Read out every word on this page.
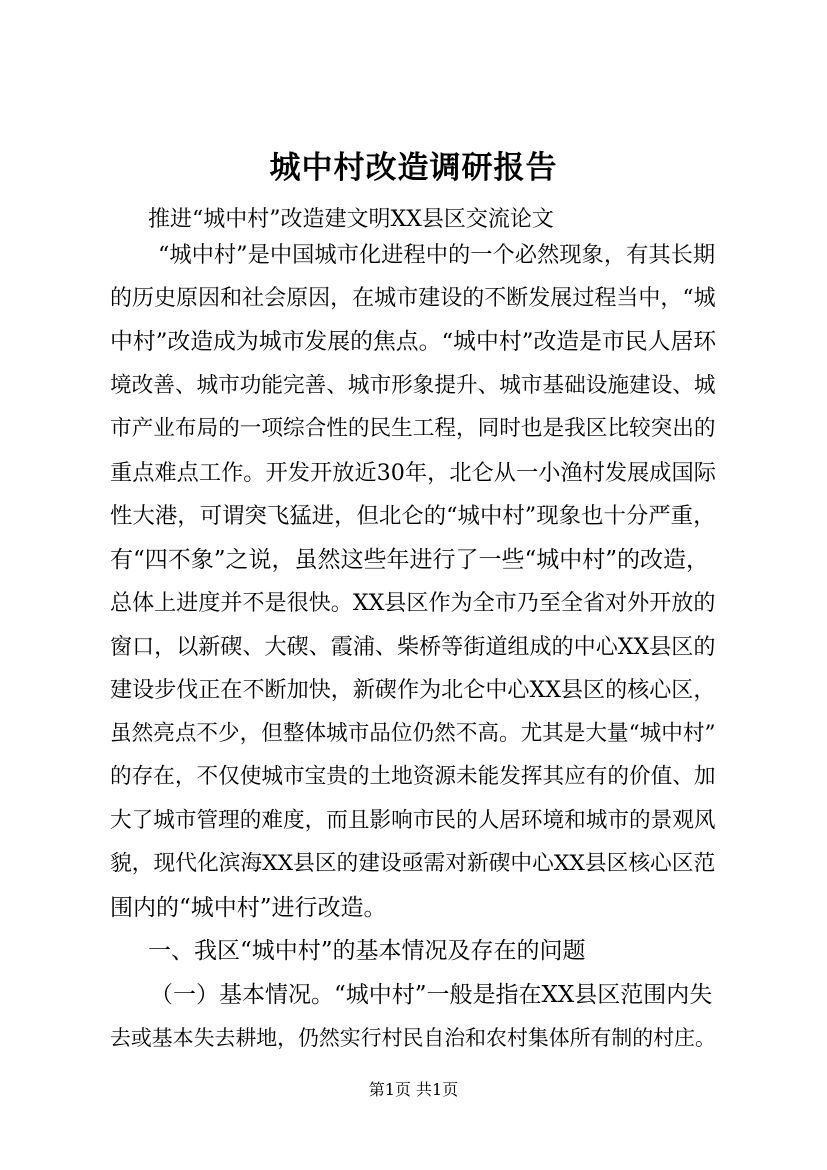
城中村改造调研报告
推进“城中村”改造建文明XX县区交流论文
“城中村”是中国城市化进程中的一个必然现象，有其长期
的历史原因和社会原因，在城市建设的不断发展过程当中，“城
中村”改造成为城市发展的焦点。“城中村”改造是市民人居环
境改善、城市功能完善、城市形象提升、城市基础设施建设、城
市产业布局的一项综合性的民生工程，同时也是我区比较突出的
重点难点工作。开发开放近30年，北仑从一小渔村发展成国际
性大港，可谓突飞猛进，但北仑的“城中村”现象也十分严重，
有“四不象”之说，虽然这些年进行了一些“城中村”的改造，
总体上进度并不是很快。XX县区作为全市乃至全省对外开放的
窗口，以新碶、大碶、霞浦、柴桥等街道组成的中心XX县区的
建设步伐正在不断加快，新碶作为北仑中心XX县区的核心区，
虽然亮点不少，但整体城市品位仍然不高。尤其是大量“城中村”
的存在，不仅使城市宝贵的土地资源未能发挥其应有的价值、加
大了城市管理的难度，而且影响市民的人居环境和城市的景观风
貌，现代化滨海XX县区的建设亟需对新碶中心XX县区核心区范
围内的“城中村”进行改造。
一、我区“城中村”的基本情况及存在的问题
（一）基本情况。“城中村”一般是指在XX县区范围内失
去或基本失去耕地，仍然实行村民自治和农村集体所有制的村庄。
第1页 共1页
